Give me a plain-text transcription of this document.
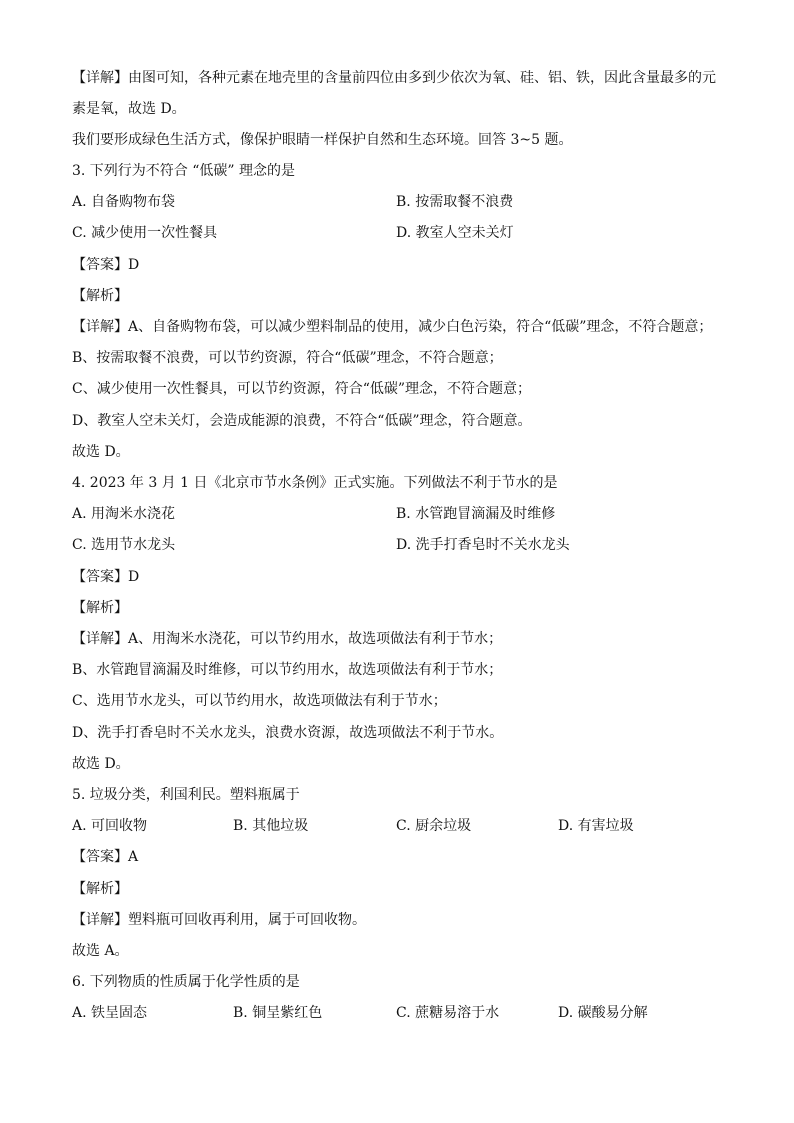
【详解】由图可知，各种元素在地壳里的含量前四位由多到少依次为氧、硅、铝、铁，因此含量最多的元
素是氧，故选 D。
我们要形成绿色生活方式，像保护眼睛一样保护自然和生态环境。回答 3~5 题。
3. 下列行为不符合 “低碳” 理念的是
A. 自备购物布袋	B. 按需取餐不浪费
C. 减少使用一次性餐具	D. 教室人空未关灯
【答案】D
【解析】
【详解】A、自备购物布袋，可以减少塑料制品的使用，减少白色污染，符合“低碳”理念，不符合题意；
B、按需取餐不浪费，可以节约资源，符合“低碳”理念，不符合题意；
C、减少使用一次性餐具，可以节约资源，符合“低碳”理念，不符合题意；
D、教室人空未关灯，会造成能源的浪费，不符合“低碳”理念，符合题意。
故选 D。
4. 2023 年 3 月 1 日《北京市节水条例》正式实施。下列做法不利于节水的是
A. 用淘米水浇花	B. 水管跑冒滴漏及时维修
C. 选用节水龙头	D. 洗手打香皂时不关水龙头
【答案】D
【解析】
【详解】A、用淘米水浇花，可以节约用水，故选项做法有利于节水；
B、水管跑冒滴漏及时维修，可以节约用水，故选项做法有利于节水；
C、选用节水龙头，可以节约用水，故选项做法有利于节水；
D、洗手打香皂时不关水龙头，浪费水资源，故选项做法不利于节水。
故选 D。
5. 垃圾分类，利国利民。塑料瓶属于
A. 可回收物	B. 其他垃圾	C. 厨余垃圾	D. 有害垃圾
【答案】A
【解析】
【详解】塑料瓶可回收再利用，属于可回收物。
故选 A。
6. 下列物质的性质属于化学性质的是
A. 铁呈固态	B. 铜呈紫红色	C. 蔗糖易溶于水	D. 碳酸易分解
